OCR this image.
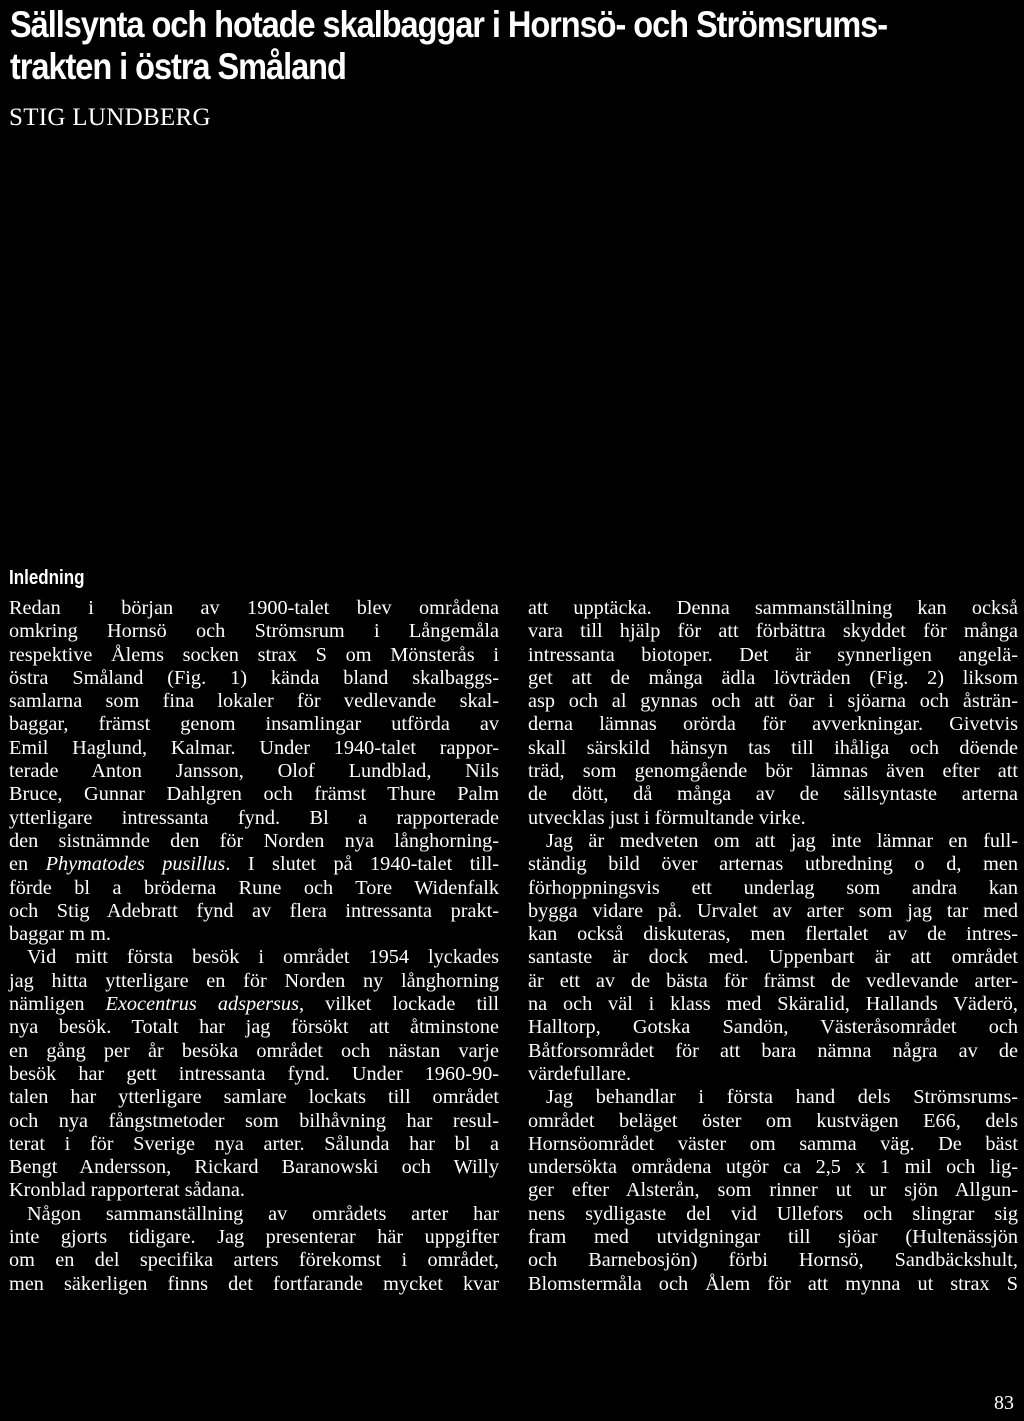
Sällsynta och hotade skalbaggar i Hornsö- och Strömsrums-
trakten i östra Småland
STIG LUNDBERG
Inledning
Redan i början av 1900-talet blev områdena
omkring Hornsö och Strömsrum i Långemåla
respektive Ålems socken strax S om Mönsterås i
östra Småland (Fig. 1) kända bland skalbaggs-
samlarna som fina lokaler för vedlevande skal-
baggar, främst genom insamlingar utförda av
Emil Haglund, Kalmar. Under 1940-talet rappor-
terade Anton Jansson, Olof Lundblad, Nils
Bruce, Gunnar Dahlgren och främst Thure Palm
ytterligare intressanta fynd. Bl a rapporterade
den sistnämnde den för Norden nya långhorning-
en Phymatodes pusillus. I slutet på 1940-talet till-
förde bl a bröderna Rune och Tore Widenfalk
och Stig Adebratt fynd av flera intressanta prakt-
baggar m m.
Vid mitt första besök i området 1954 lyckades
jag hitta ytterligare en för Norden ny långhorning
nämligen Exocentrus adspersus, vilket lockade till
nya besök. Totalt har jag försökt att åtminstone
en gång per år besöka området och nästan varje
besök har gett intressanta fynd. Under 1960-90-
talen har ytterligare samlare lockats till området
och nya fångstmetoder som bilhåvning har resul-
terat i för Sverige nya arter. Sålunda har bl a
Bengt Andersson, Rickard Baranowski och Willy
Kronblad rapporterat sådana.
Någon sammanställning av områdets arter har
inte gjorts tidigare. Jag presenterar här uppgifter
om en del specifika arters förekomst i området,
men säkerligen finns det fortfarande mycket kvar
att upptäcka. Denna sammanställning kan också
vara till hjälp för att förbättra skyddet för många
intressanta biotoper. Det är synnerligen angelä-
get att de många ädla lövträden (Fig. 2) liksom
asp och al gynnas och att öar i sjöarna och åsträn-
derna lämnas orörda för avverkningar. Givetvis
skall särskild hänsyn tas till ihåliga och döende
träd, som genomgående bör lämnas även efter att
de dött, då många av de sällsyntaste arterna
utvecklas just i förmultande virke.
Jag är medveten om att jag inte lämnar en full-
ständig bild över arternas utbredning o d, men
förhoppningsvis ett underlag som andra kan
bygga vidare på. Urvalet av arter som jag tar med
kan också diskuteras, men flertalet av de intres-
santaste är dock med. Uppenbart är att området
är ett av de bästa för främst de vedlevande arter-
na och väl i klass med Skäralid, Hallands Väderö,
Halltorp, Gotska Sandön, Västeråsområdet och
Båtforsområdet för att bara nämna några av de
värdefullare.
Jag behandlar i första hand dels Strömsrums-
området beläget öster om kustvägen E66, dels
Hornsöområdet väster om samma väg. De bäst
undersökta områdena utgör ca 2,5 x 1 mil och lig-
ger efter Alsterån, som rinner ut ur sjön Allgun-
nens sydligaste del vid Ullefors och slingrar sig
fram med utvidgningar till sjöar (Hultenässjön
och Barnebosjön) förbi Hornsö, Sandbäckshult,
Blomstermåla och Ålem för att mynna ut strax S
83
